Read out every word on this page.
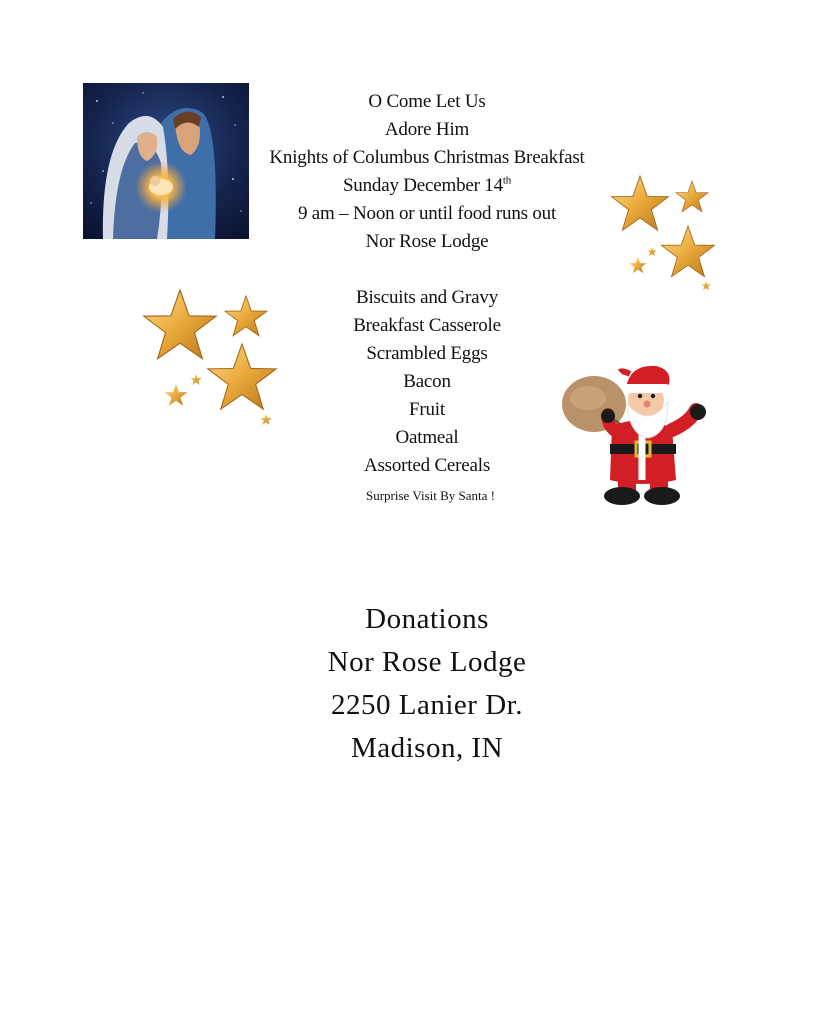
O Come Let Us
Adore Him
Knights of Columbus Christmas Breakfast
Sunday December 14th
9 am – Noon or until food runs out
Nor Rose Lodge
Biscuits and Gravy
Breakfast Casserole
Scrambled Eggs
Bacon
Fruit
Oatmeal
Assorted Cereals
Surprise Visit By Santa !
Donations
Nor Rose Lodge
2250 Lanier Dr.
Madison, IN
